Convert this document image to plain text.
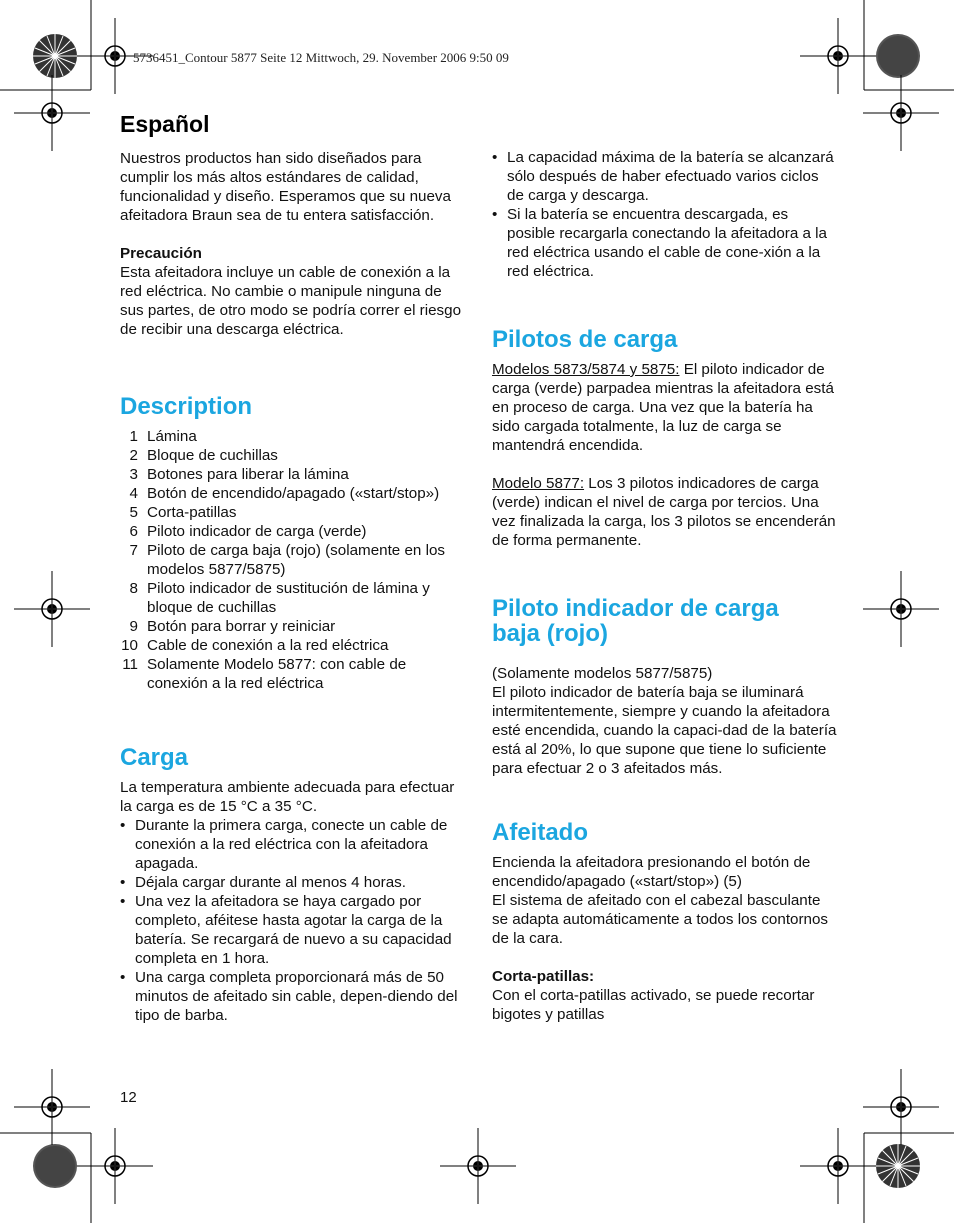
5736451_Contour 5877 Seite 12 Mittwoch, 29. November 2006 9:50 09
Español

Nuestros productos han sido diseñados para cumplir los más altos estándares de calidad, funcionalidad y diseño. Esperamos que su nueva afeitadora Braun sea de tu entera satisfacción.

Precaución

Esta afeitadora incluye un cable de conexión a la red eléctrica. No cambie o manipule ninguna de sus partes, de otro modo se podría correr el riesgo de recibir una descarga eléctrica.

Description
1 Lámina
2 Bloque de cuchillas
3 Botones para liberar la lámina
4 Botón de encendido/apagado («start/stop»)
5 Corta-patillas
6 Piloto indicador de carga (verde)
7 Piloto de carga baja (rojo) (solamente en los modelos 5877/5875)
8 Piloto indicador de sustitución de lámina y bloque de cuchillas
9 Botón para borrar y reiniciar
10 Cable de conexión a la red eléctrica
11 Solamente Modelo 5877: con cable de conexión a la red eléctrica
Carga

La temperatura ambiente adecuada para efectuar la carga es de 15 °C a 35 °C.

• Durante la primera carga, conecte un cable de conexión a la red eléctrica con la afeitadora apagada.
• Déjala cargar durante al menos 4 horas.
• Una vez la afeitadora se haya cargado por completo, aféitese hasta agotar la carga de la batería. Se recargará de nuevo a su capacidad completa en 1 hora.
• Una carga completa proporcionará más de 50 minutos de afeitado sin cable, depen-diendo del tipo de barba.
• La capacidad máxima de la batería se alcanzará sólo después de haber efectuado varios ciclos de carga y descarga.
• Si la batería se encuentra descargada, es posible recargarla conectando la afeitadora a la red eléctrica usando el cable de cone-xión a la red eléctrica.
Pilotos de carga

Modelos 5873/5874 y 5875: El piloto indicador de carga (verde) parpadea mientras la afeitadora está en proceso de carga. Una vez que la batería ha sido cargada totalmente, la luz de carga se mantendrá encendida.

Modelo 5877: Los 3 pilotos indicadores de carga (verde) indican el nivel de carga por tercios. Una vez finalizada la carga, los 3 pilotos se encenderán de forma permanente.

Piloto indicador de carga baja (rojo)

(Solamente modelos 5877/5875)

El piloto indicador de batería baja se iluminará intermitentemente, siempre y cuando la afeitadora esté encendida, cuando la capaci-dad de la batería está al 20%, lo que supone que tiene lo suficiente para efectuar 2 o 3 afeitados más.

Afeitado

Encienda la afeitadora presionando el botón de encendido/apagado («start/stop») (5)

El sistema de afeitado con el cabezal basculante se adapta automáticamente a todos los contornos de la cara.

Corta-patillas:

Con el corta-patillas activado, se puede recortar bigotes y patillas

12
